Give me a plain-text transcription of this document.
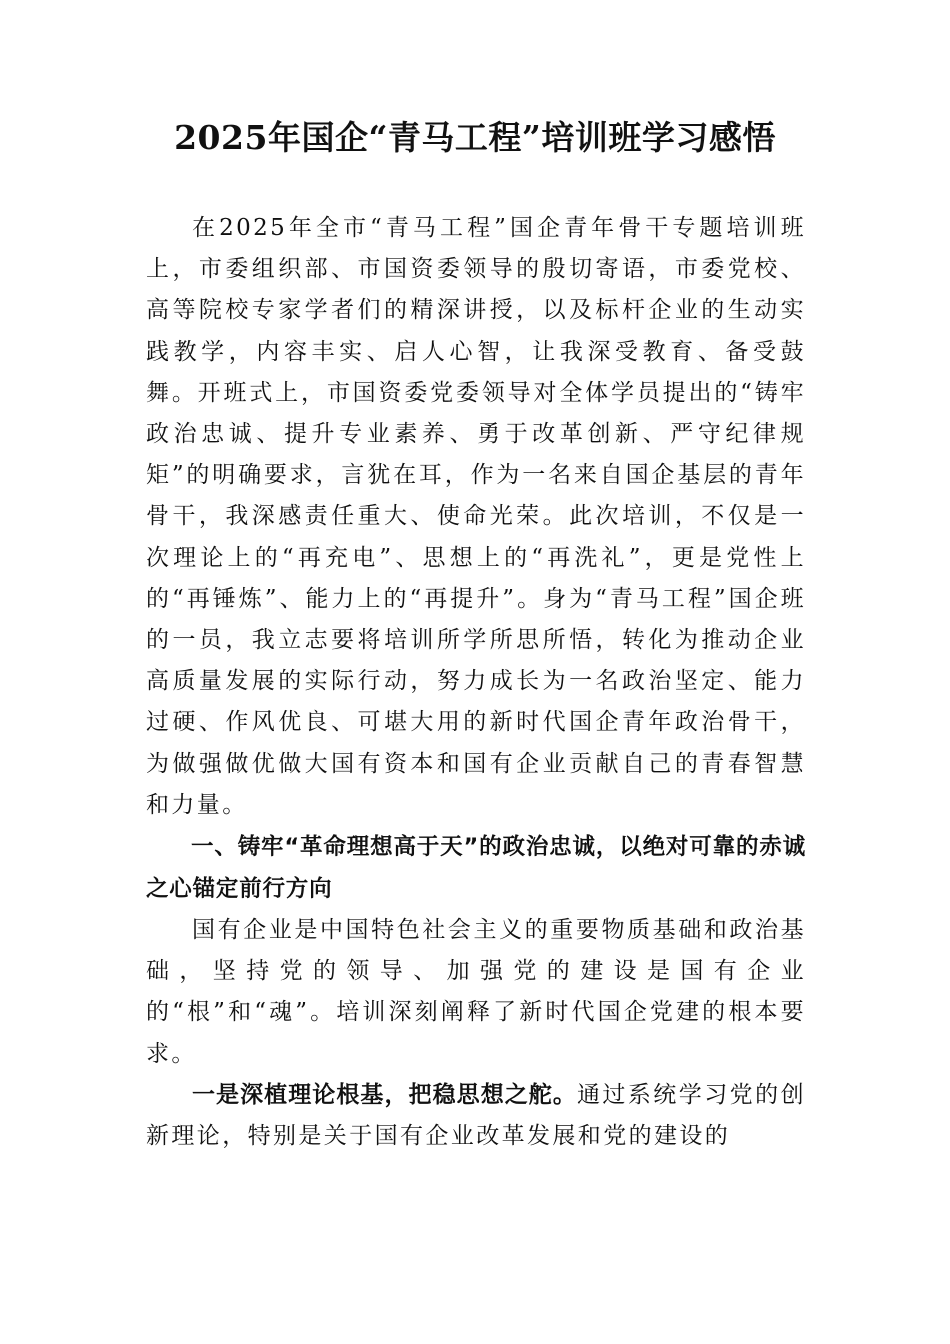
2025年国企“青马工程”培训班学习感悟

在2025年全市“青马工程”国企青年骨干专题培训班上，市委组织部、市国资委领导的殷切寄语，市委党校、高等院校专家学者们的精深讲授，以及标杆企业的生动实践教学，内容丰实、启人心智，让我深受教育、备受鼓舞。开班式上，市国资委党委领导对全体学员提出的“铸牢政治忠诚、提升专业素养、勇于改革创新、严守纪律规矩”的明确要求，言犹在耳，作为一名来自国企基层的青年骨干，我深感责任重大、使命光荣。此次培训，不仅是一次理论上的“再充电”、思想上的“再洗礼”，更是党性上的“再锤炼”、能力上的“再提升”。身为“青马工程”国企班的一员，我立志要将培训所学所思所悟，转化为推动企业高质量发展的实际行动，努力成长为一名政治坚定、能力过硬、作风优良、可堪大用的新时代国企青年政治骨干，为做强做优做大国有资本和国有企业贡献自己的青春智慧和力量。

一、铸牢“革命理想高于天”的政治忠诚，以绝对可靠的赤诚之心锚定前行方向

国有企业是中国特色社会主义的重要物质基础和政治基础，坚持党的领导、加强党的建设是国有企业的“根”和“魂”。培训深刻阐释了新时代国企党建的根本要求。

一是深植理论根基，把稳思想之舵。通过系统学习党的创新理论，特别是关于国有企业改革发展和党的建设的
